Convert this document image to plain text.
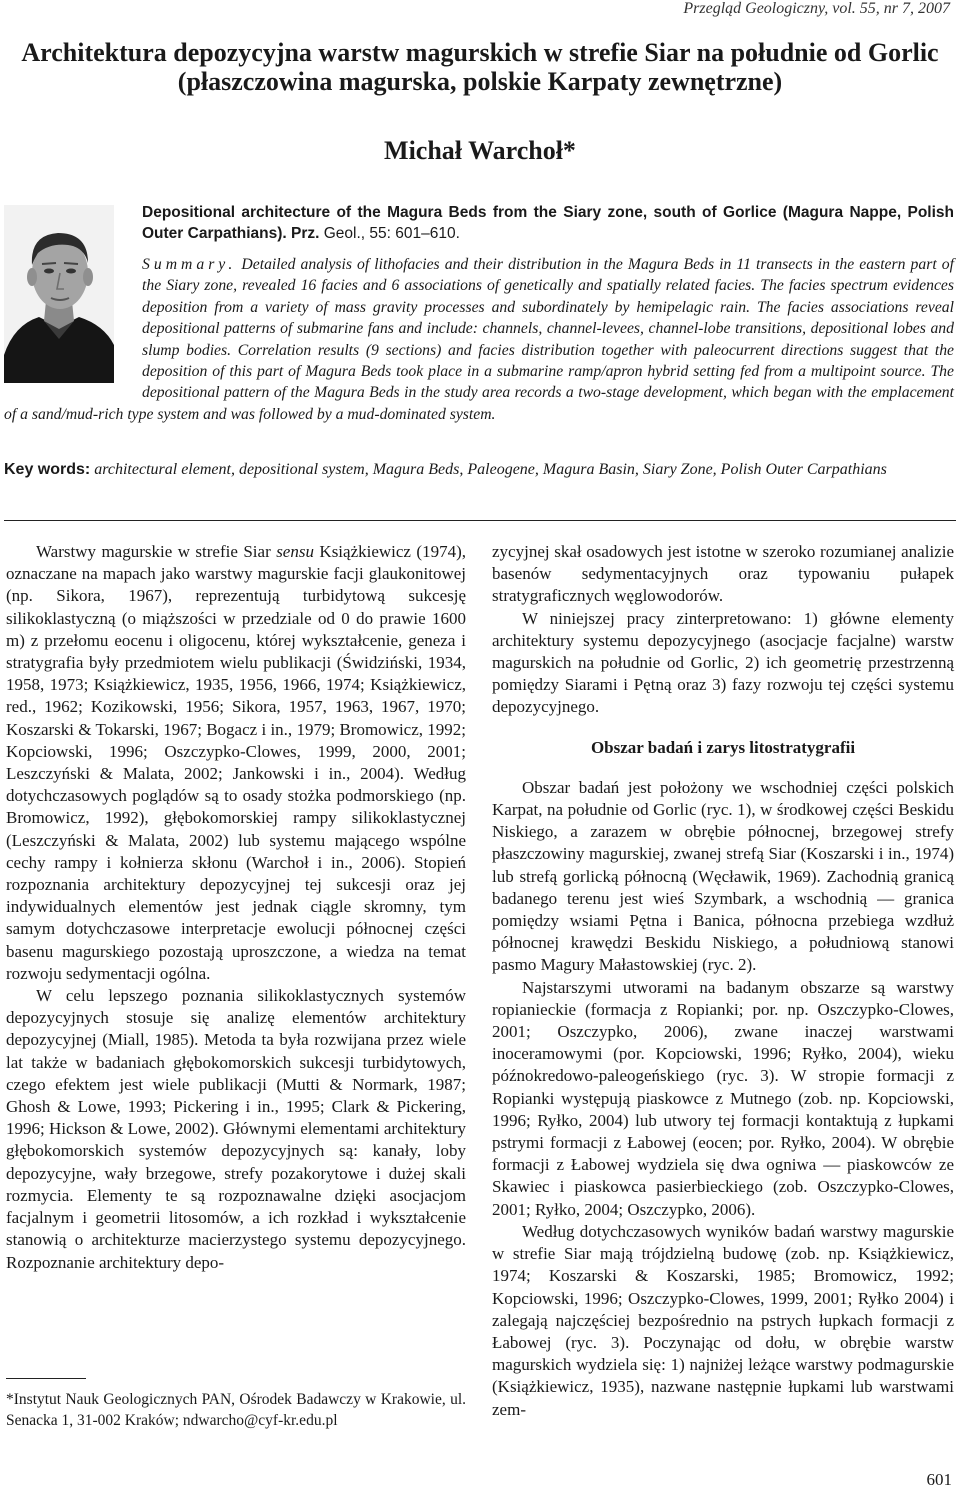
Przegląd Geologiczny, vol. 55, nr 7, 2007
Architektura depozycyjna warstw magurskich w strefie Siar na południe od Gorlic
(płaszczowina magurska, polskie Karpaty zewnętrzne)
Michał Warchoł*

Depositional architecture of the Magura Beds from the Siary zone, south of Gorlice (Magura Nappe, Polish Outer Carpathians). Prz. Geol., 55: 601–610.

Summary. Detailed analysis of lithofacies and their distribution in the Magura Beds in 11 transects in the eastern part of the Siary zone, revealed 16 facies and 6 associations of genetically and spatially related facies. The facies spectrum evidences deposition from a variety of mass gravity processes and subordinately by hemipelagic rain. The facies associations reveal depositional patterns of submarine fans and include: channels, channel-levees, channel-lobe transitions, depositional lobes and slump bodies. Correlation results (9 sections) and facies distribution together with paleocurrent directions suggest that the deposition of this part of Magura Beds took place in a submarine ramp/apron hybrid setting fed from a multipoint source. The depositional pattern of the Magura Beds in the study area records a two-stage development, which began with the emplacement of a sand/mud-rich type system and was followed by a mud-dominated system.

Key words: architectural element, depositional system, Magura Beds, Paleogene, Magura Basin, Siary Zone, Polish Outer Carpathians

Warstwy magurskie w strefie Siar sensu Książkiewicz (1974), oznaczane na mapach jako warstwy magurskie facji glaukonitowej (np. Sikora, 1967), reprezentują turbidytową sukcesję silikoklastyczną (o miąższości w przedziale od 0 do prawie 1600 m) z przełomu eocenu i oligocenu, której wykształcenie, geneza i stratygrafia były przedmiotem wielu publikacji (Świdziński, 1934, 1958, 1973; Książkiewicz, 1935, 1956, 1966, 1974; Książkiewicz, red., 1962; Kozikowski, 1956; Sikora, 1957, 1963, 1967, 1970; Koszarski & Tokarski, 1967; Bogacz i in., 1979; Bromowicz, 1992; Kopciowski, 1996; Oszczypko-Clowes, 1999, 2000, 2001; Leszczyński & Malata, 2002; Jankowski i in., 2004). Według dotychczasowych poglądów są to osady stożka podmorskiego (np. Bromowicz, 1992), głębokomorskiej rampy silikoklastycznej (Leszczyński & Malata, 2002) lub systemu mającego wspólne cechy rampy i kołnierza skłonu (Warchoł i in., 2006). Stopień rozpoznania architektury depozycyjnej tej sukcesji oraz jej indywidualnych elementów jest jednak ciągle skromny, tym samym dotychczasowe interpretacje ewolucji północnej części basenu magurskiego pozostają uproszczone, a wiedza na temat rozwoju sedymentacji ogólna.

W celu lepszego poznania silikoklastycznych systemów depozycyjnych stosuje się analizę elementów architektury depozycyjnej (Miall, 1985). Metoda ta była rozwijana przez wiele lat także w badaniach głębokomorskich sukcesji turbidytowych, czego efektem jest wiele publikacji (Mutti & Normark, 1987; Ghosh & Lowe, 1993; Pickering i in., 1995; Clark & Pickering, 1996; Hickson & Lowe, 2002). Głównymi elementami architektury głębokomorskich systemów depozycyjnych są: kanały, loby depozycyjne, wały brzegowe, strefy pozakorytowe i dużej skali rozmycia. Elementy te są rozpoznawalne dzięki asocjacjom facjalnym i geometrii litosomów, a ich rozkład i wykształcenie stanowią o architekturze macierzystego systemu depozycyjnego. Rozpoznanie architektury depo-

zycyjnej skał osadowych jest istotne w szeroko rozumianej analizie basenów sedymentacyjnych oraz typowaniu pułapek stratygraficznych węglowodorów.

W niniejszej pracy zinterpretowano: 1) główne elementy architektury systemu depozycyjnego (asocjacje facjalne) warstw magurskich na południe od Gorlic, 2) ich geometrię przestrzenną pomiędzy Siarami i Pętną oraz 3) fazy rozwoju tej części systemu depozycyjnego.

Obszar badań i zarys litostratygrafii

Obszar badań jest położony we wschodniej części polskich Karpat, na południe od Gorlic (ryc. 1), w środkowej części Beskidu Niskiego, a zarazem w obrębie północnej, brzegowej strefy płaszczowiny magurskiej, zwanej strefą Siar (Koszarski i in., 1974) lub strefą gorlicką północną (Węcławik, 1969). Zachodnią granicą badanego terenu jest wieś Szymbark, a wschodnią — granica pomiędzy wsiami Pętna i Banica, północna przebiega wzdłuż północnej krawędzi Beskidu Niskiego, a południową stanowi pasmo Magury Małastowskiej (ryc. 2).

Najstarszymi utworami na badanym obszarze są warstwy ropianieckie (formacja z Ropianki; por. np. Oszczypko-Clowes, 2001; Oszczypko, 2006), zwane inaczej warstwami inoceramowymi (por. Kopciowski, 1996; Ryłko, 2004), wieku późnokredowo-paleogeńskiego (ryc. 3). W stropie formacji z Ropianki występują piaskowce z Mutnego (zob. np. Kopciowski, 1996; Ryłko, 2004) lub utwory tej formacji kontaktują z łupkami pstrymi formacji z Łabowej (eocen; por. Ryłko, 2004). W obrębie formacji z Łabowej wydziela się dwa ogniwa — piaskowców ze Skawiec i piaskowca pasierbieckiego (zob. Oszczypko-Clowes, 2001; Ryłko, 2004; Oszczypko, 2006).

Według dotychczasowych wyników badań warstwy magurskie w strefie Siar mają trójdzielną budowę (zob. np. Książkiewicz, 1974; Koszarski & Koszarski, 1985; Bromowicz, 1992; Kopciowski, 1996; Oszczypko-Clowes, 1999, 2001; Ryłko 2004) i zalegają najczęściej bezpośrednio na pstrych łupkach formacji z Łabowej (ryc. 3). Poczynając od dołu, w obrębie warstw magurskich wydziela się: 1) najniżej leżące warstwy podmagurskie (Książkiewicz, 1935), nazwane następnie łupkami lub warstwami zem-

*Instytut Nauk Geologicznych PAN, Ośrodek Badawczy w Krakowie, ul. Senacka 1, 31-002 Kraków; ndwarcho@cyf-kr.edu.pl
601
